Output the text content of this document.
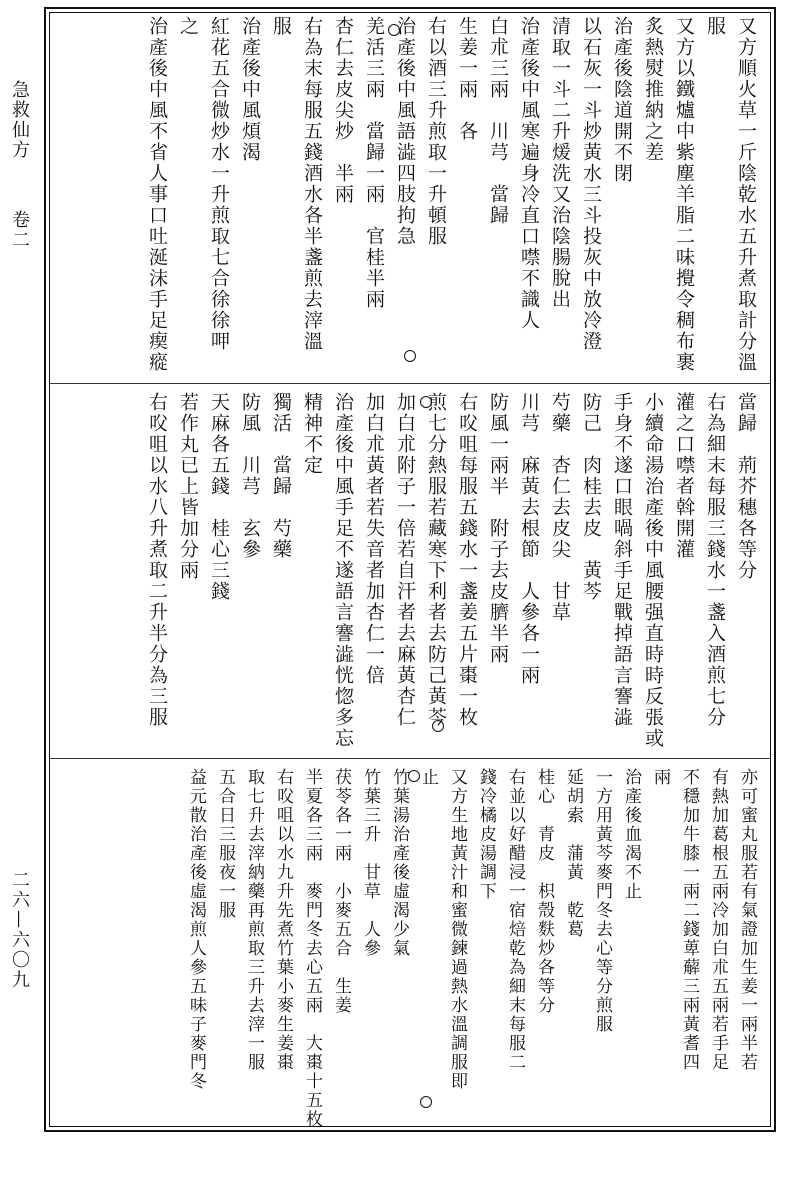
急救仙方
卷二
二六—六〇九
又方順火草一斤陰乾水五升煮取計分溫
服
又方以鐵爐中紫塵羊脂二味攪令稠布裹
炙熱熨推納之差
治產後陰道開不閉
以石灰一斗炒黃水三斗投灰中放冷澄
清取一斗二升煖洗又治陰腸脫出
治產後中風寒遍身冷直口噤不識人
白朮三兩　川芎　當歸
生姜一兩　各
右以酒三升煎取一升頓服
治產後中風語澁四肢拘急
羌活三兩　當歸一兩　官桂半兩
杏仁去皮尖炒　半兩
右為末每服五錢酒水各半盞煎去滓溫
服
治產後中風煩渴
紅花五合微炒水一升煎取七合徐徐呷
之
治產後中風不省人事口吐涎沫手足瘈瘲
當歸　荊芥穗各等分
右為細末每服三錢水一盞入酒煎七分
灌之口噤者斡開灌
小續命湯治產後中風腰强直時時反張或
手身不遂口眼喎斜手足戰掉語言謇澁
防己　肉桂去皮　黃芩
芍藥　杏仁去皮尖　甘草
川芎　麻黃去根節　人參各一兩
防風一兩半　附子去皮臍半兩
右㕮咀每服五錢水一盞姜五片棗一枚
煎七分熱服若藏寒下利者去防己黃芩
加白朮附子一倍若自汗者去麻黃杏仁
加白朮黃者若失音者加杏仁一倍
治產後中風手足不遂語言謇澁恍惚多忘
精神不定
獨活　當歸　芍藥
防風　川芎　玄參
天麻各五錢　桂心三錢
若作丸已上皆加分兩
右㕮咀以水八升煮取二升半分為三服
亦可蜜丸服若有氣證加生姜一兩半若
有熱加葛根五兩冷加白朮五兩若手足
不穩加牛膝一兩二錢萆薢三兩黃耆四
兩
治產後血渴不止
一方用黃芩麥門冬去心等分煎服
延胡索　蒲黃　乾葛
桂心　青皮　枳殼麩炒各等分
右並以好醋浸一宿焙乾為細末每服二
錢冷橘皮湯調下
又方生地黃汁和蜜微鍊過熱水溫調服即
止
竹葉湯治產後虛渴少氣
竹葉三升　甘草　人參
茯苓各一兩　小麥五合　生姜
半夏各三兩　麥門冬去心五兩　大棗十五枚
右㕮咀以水九升先煮竹葉小麥生姜棗
取七升去滓納藥再煎取三升去滓一服
五合日三服夜一服
益元散治產後虛渴煎人參五味子麥門冬
